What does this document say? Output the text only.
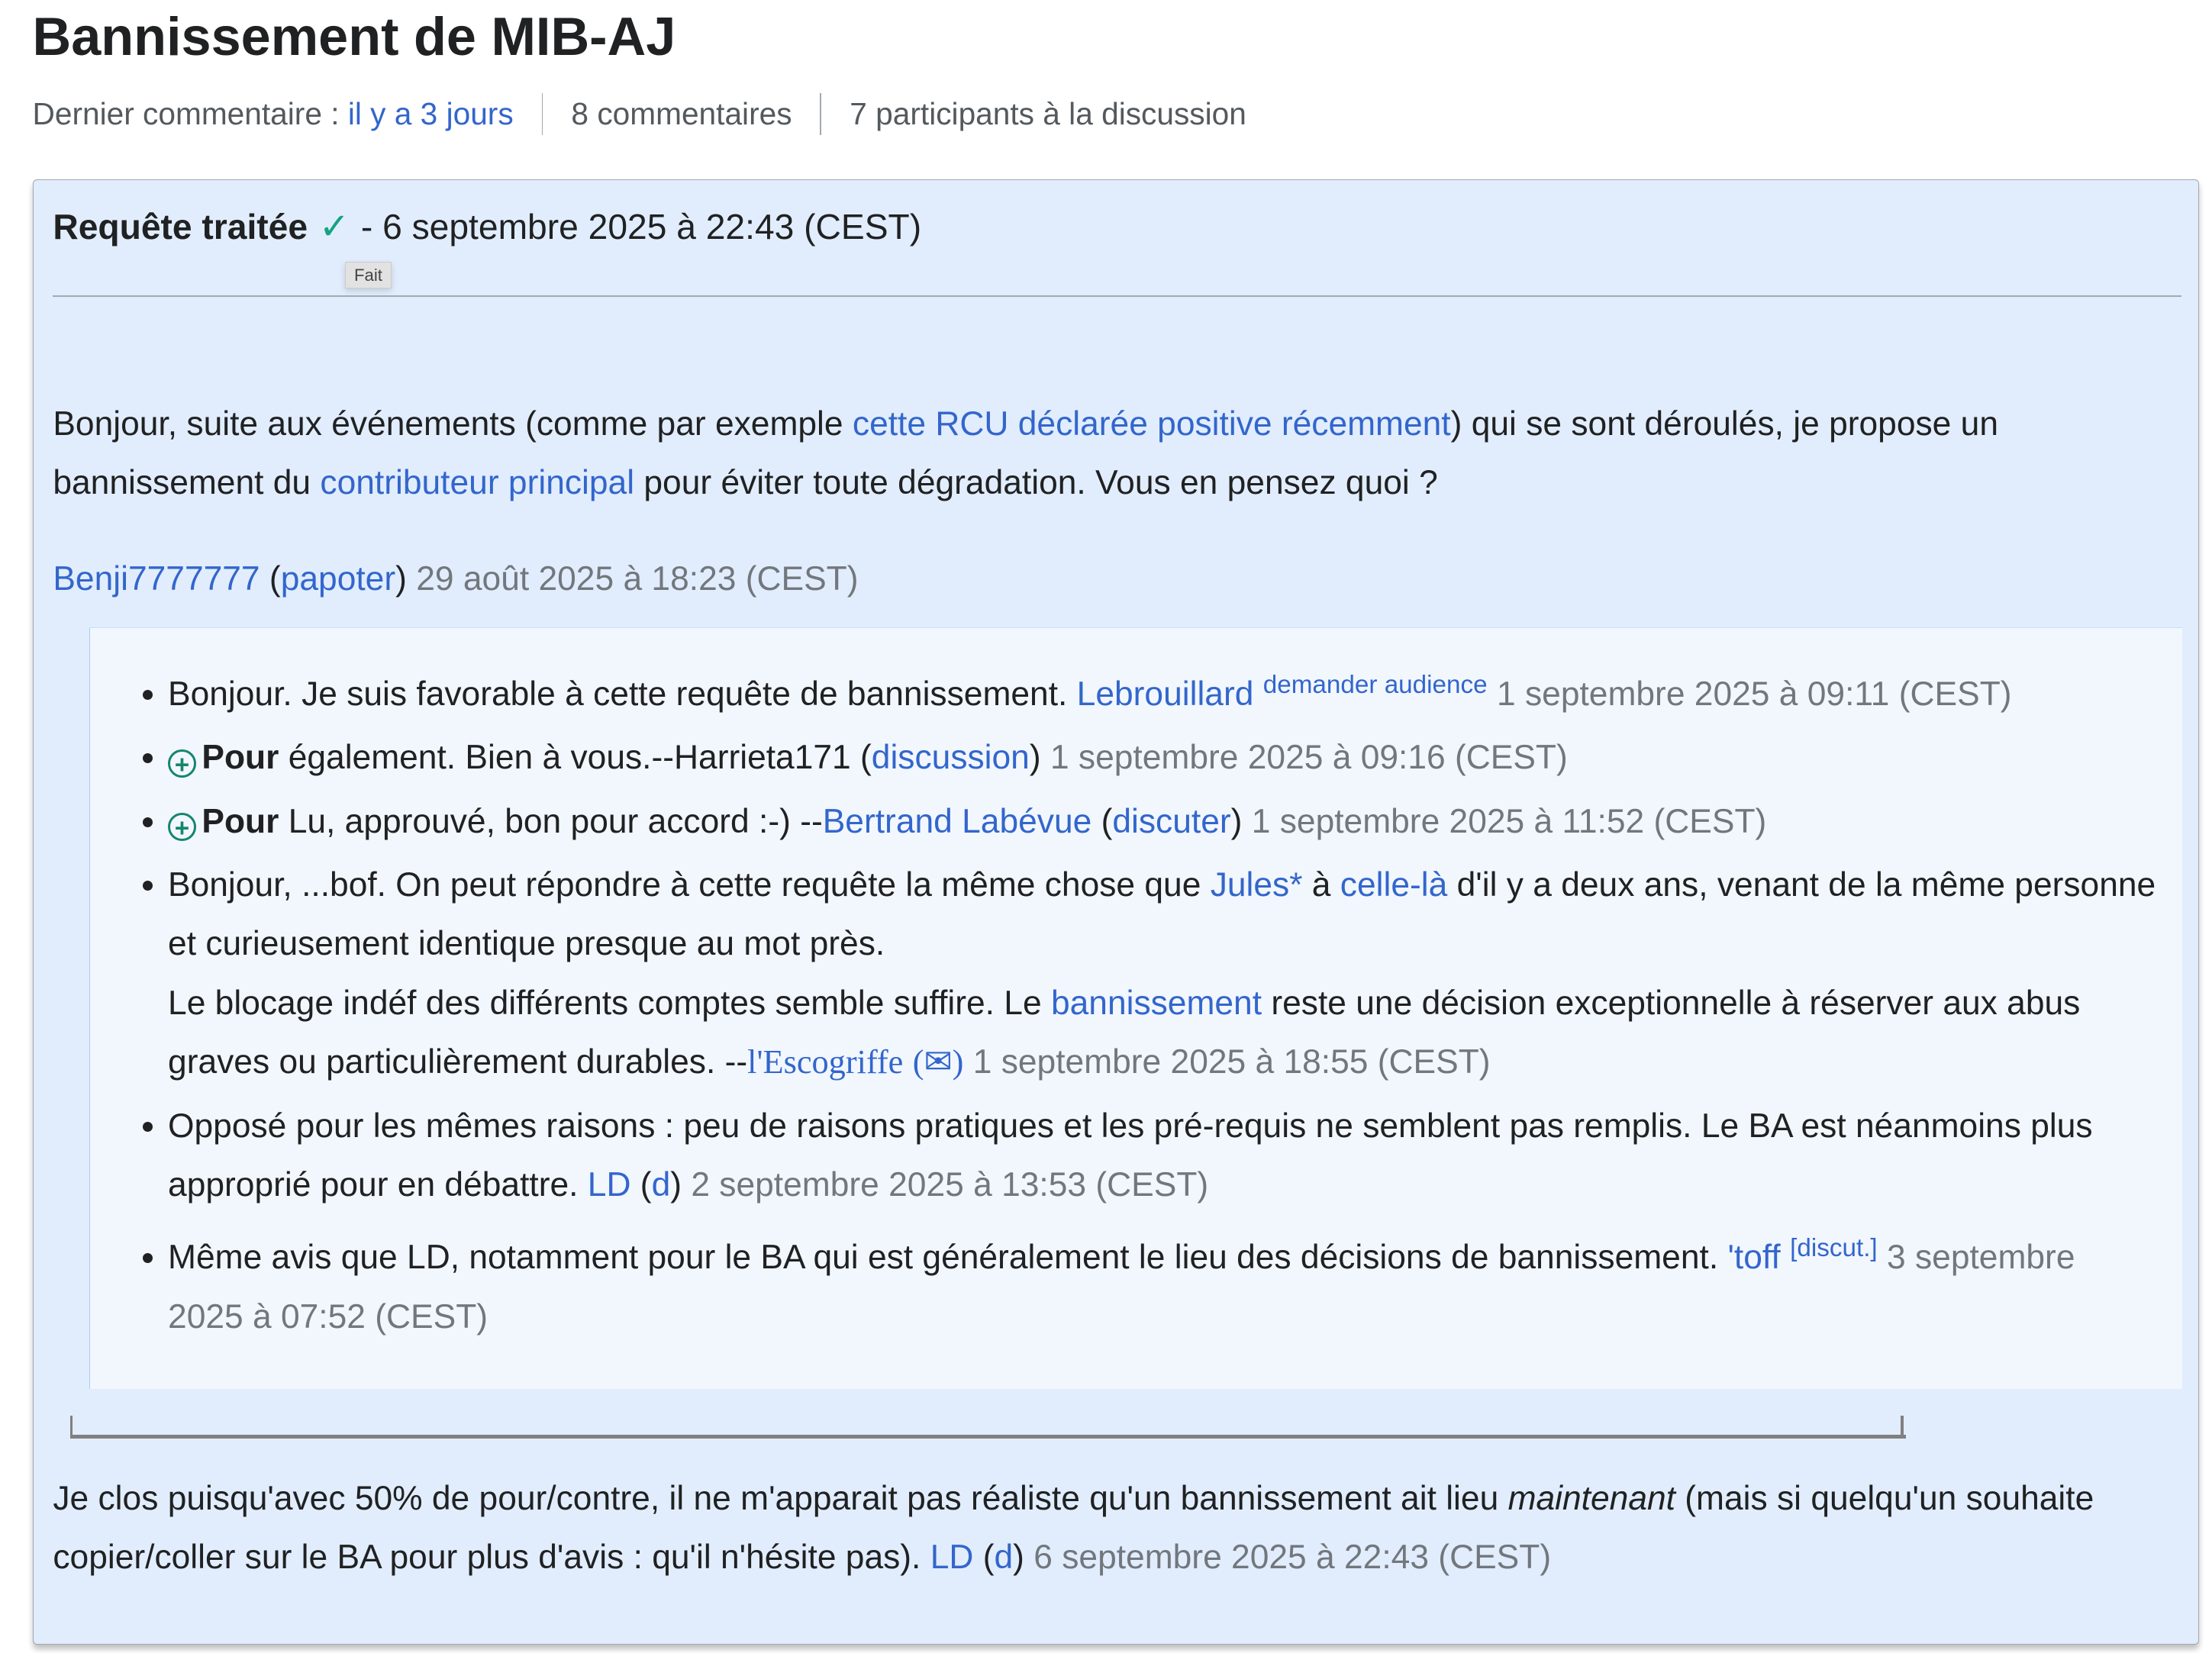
Bannissement de MIB-AJ
Dernier commentaire :
il y a 3 jours	8 commentaires	7 participants à la discussion
Requête traitée ✓ - 6 septembre 2025 à 22:43 (CEST)
Fait
Bonjour, suite aux événements (comme par exemple cette RCU déclarée positive récemment) qui se sont déroulés, je propose un bannissement du contributeur principal pour éviter toute dégradation. Vous en pensez quoi ?
Benji7777777 (papoter) 29 août 2025 à 18:23 (CEST)
• Bonjour. Je suis favorable à cette requête de bannissement. Lebrouillard $^{demander audience}$ 1 septembre 2025 à 09:11 (CEST)
• + Pour également. Bien à vous.--Harrieta171 (discussion) 1 septembre 2025 à 09:16 (CEST)
• + Pour Lu, approuvé, bon pour accord :-) --Bertrand Labévue (discuter) 1 septembre 2025 à 11:52 (CEST)
• Bonjour, ...bof. On peut répondre à cette requête la même chose que Jules* à celle-là d'il y a deux ans, venant de la même personne et curieusement identique presque au mot près.
Le blocage indéf des différents comptes semble suffire. Le bannissement reste une décision exceptionnelle à réserver aux abus graves ou particulièrement durables. --l'Escogriffe (✉) 1 septembre 2025 à 18:55 (CEST)
• Opposé pour les mêmes raisons : peu de raisons pratiques et les pré-requis ne semblent pas remplis. Le BA est néanmoins plus approprié pour en débattre. LD (d) 2 septembre 2025 à 13:53 (CEST)
• Même avis que LD, notamment pour le BA qui est généralement le lieu des décisions de bannissement. 'toff [discut.] 3 septembre 2025 à 07:52 (CEST)
Je clos puisqu'avec 50% de pour/contre, il ne m'apparait pas réaliste qu'un bannissement ait lieu maintenant (mais si quelqu'un souhaite copier/coller sur le BA pour plus d'avis : qu'il n'hésite pas). LD (d) 6 septembre 2025 à 22:43 (CEST)
